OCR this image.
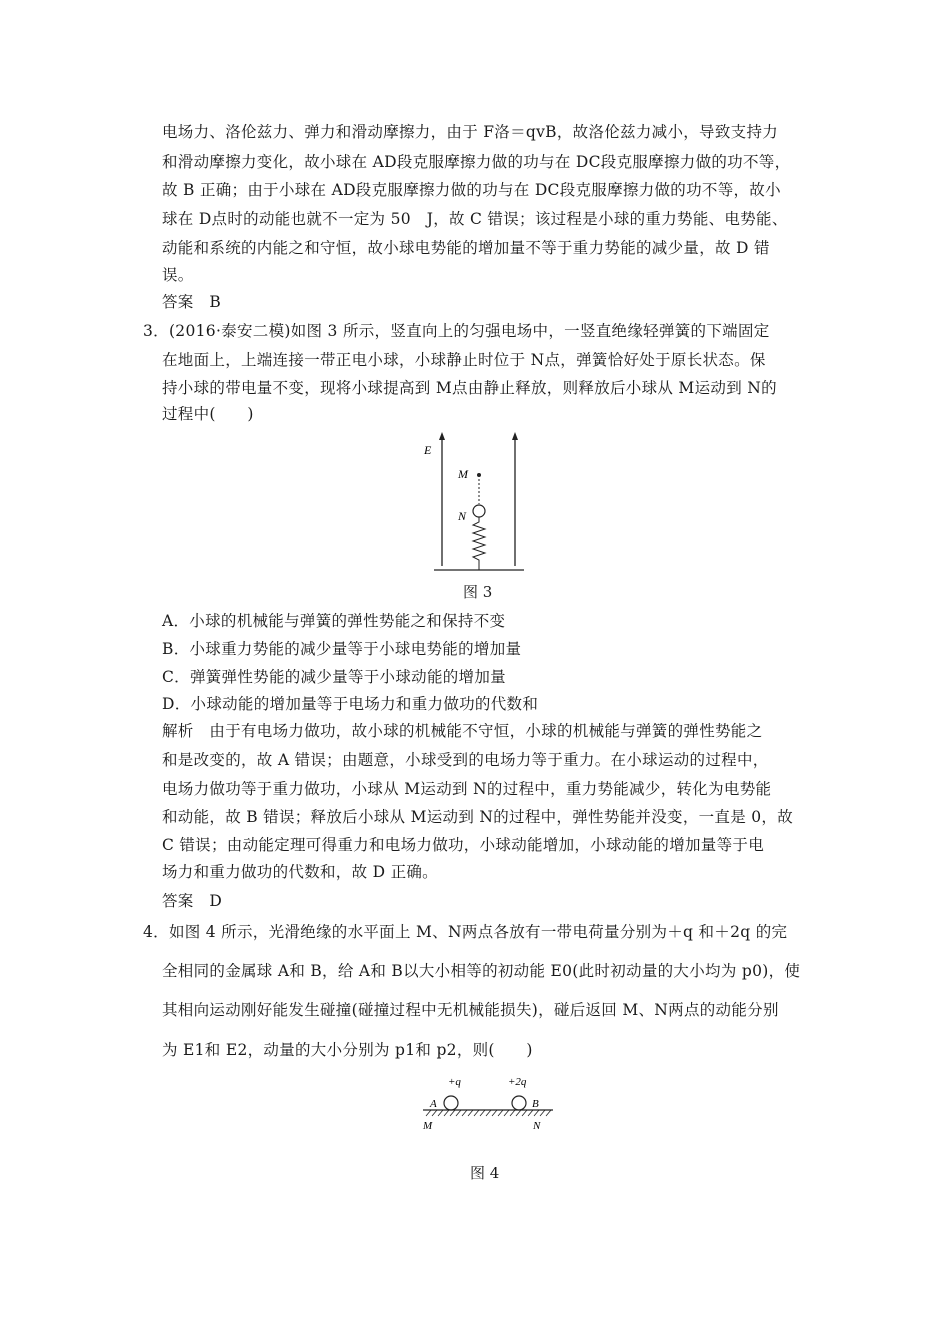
电场力、洛伦兹力、弹力和滑动摩擦力，由于 F洛＝qvB，故洛伦兹力减小，导致支持力
和滑动摩擦力变化，故小球在 AD段克服摩擦力做的功与在 DC段克服摩擦力做的功不等，
故 B 正确；由于小球在 AD段克服摩擦力做的功与在 DC段克服摩擦力做的功不等，故小
球在 D点时的动能也就不一定为 50　J，故 C 错误；该过程是小球的重力势能、电势能、
动能和系统的内能之和守恒，故小球电势能的增加量不等于重力势能的减少量，故 D 错
误。
答案　B
3．(2016·泰安二模)如图 3 所示，竖直向上的匀强电场中，一竖直绝缘轻弹簧的下端固定
在地面上，上端连接一带正电小球，小球静止时位于 N点，弹簧恰好处于原长状态。保
持小球的带电量不变，现将小球提高到 M点由静止释放，则释放后小球从 M运动到 N的
过程中(　　)
E
M
N
图 3
A．小球的机械能与弹簧的弹性势能之和保持不变
B．小球重力势能的减少量等于小球电势能的增加量
C．弹簧弹性势能的减少量等于小球动能的增加量
D．小球动能的增加量等于电场力和重力做功的代数和
解析　由于有电场力做功，故小球的机械能不守恒，小球的机械能与弹簧的弹性势能之
和是改变的，故 A 错误；由题意，小球受到的电场力等于重力。在小球运动的过程中，
电场力做功等于重力做功，小球从 M运动到 N的过程中，重力势能减少，转化为电势能
和动能，故 B 错误；释放后小球从 M运动到 N的过程中，弹性势能并没变，一直是 0，故
C 错误；由动能定理可得重力和电场力做功，小球动能增加，小球动能的增加量等于电
场力和重力做功的代数和，故 D 正确。
答案　D
4．如图 4 所示，光滑绝缘的水平面上 M、N两点各放有一带电荷量分别为＋q 和＋2q 的完
全相同的金属球 A和 B，给 A和 B以大小相等的初动能 E0(此时初动量的大小均为 p0)，使
其相向运动刚好能发生碰撞(碰撞过程中无机械能损失)，碰后返回 M、N两点的动能分别
为 E1和 E2，动量的大小分别为 p1和 p2，则(　　)
+q	+2q
A	B
M	N
图 4
